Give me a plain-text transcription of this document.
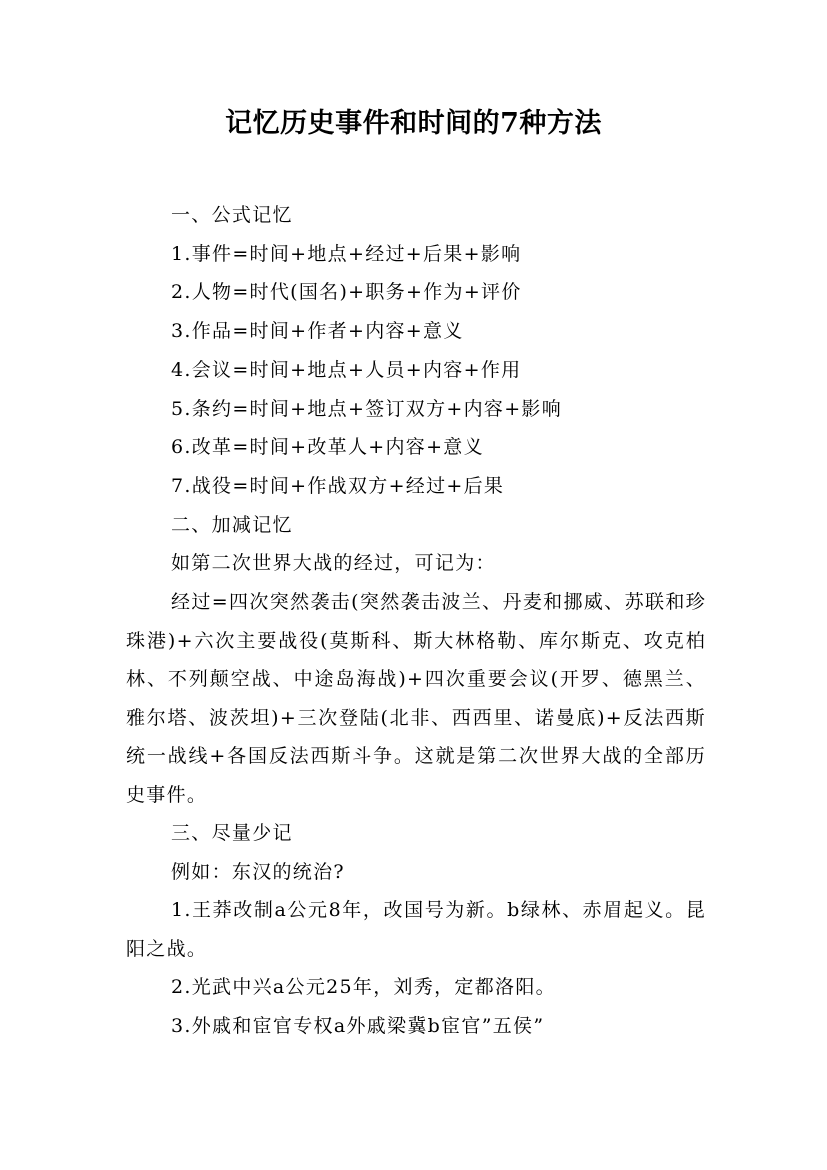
记忆历史事件和时间的7种方法

一、公式记忆

1.事件=时间+地点+经过+后果+影响

2.人物=时代(国名)+职务+作为+评价

3.作品=时间+作者+内容+意义

4.会议=时间+地点+人员+内容+作用

5.条约=时间+地点+签订双方+内容+影响

6.改革=时间+改革人+内容+意义

7.战役=时间+作战双方+经过+后果

二、加减记忆

如第二次世界大战的经过，可记为：

经过=四次突然袭击(突然袭击波兰、丹麦和挪威、苏联和珍珠港)+六次主要战役(莫斯科、斯大林格勒、库尔斯克、攻克柏林、不列颠空战、中途岛海战)+四次重要会议(开罗、德黑兰、雅尔塔、波茨坦)+三次登陆(北非、西西里、诺曼底)+反法西斯统一战线+各国反法西斯斗争。这就是第二次世界大战的全部历史事件。

三、尽量少记

例如：东汉的统治?

1.王莽改制a公元8年，改国号为新。b绿林、赤眉起义。昆阳之战。

2.光武中兴a公元25年，刘秀，定都洛阳。

3.外戚和宦官专权a外戚梁冀b宦官”五侯”
